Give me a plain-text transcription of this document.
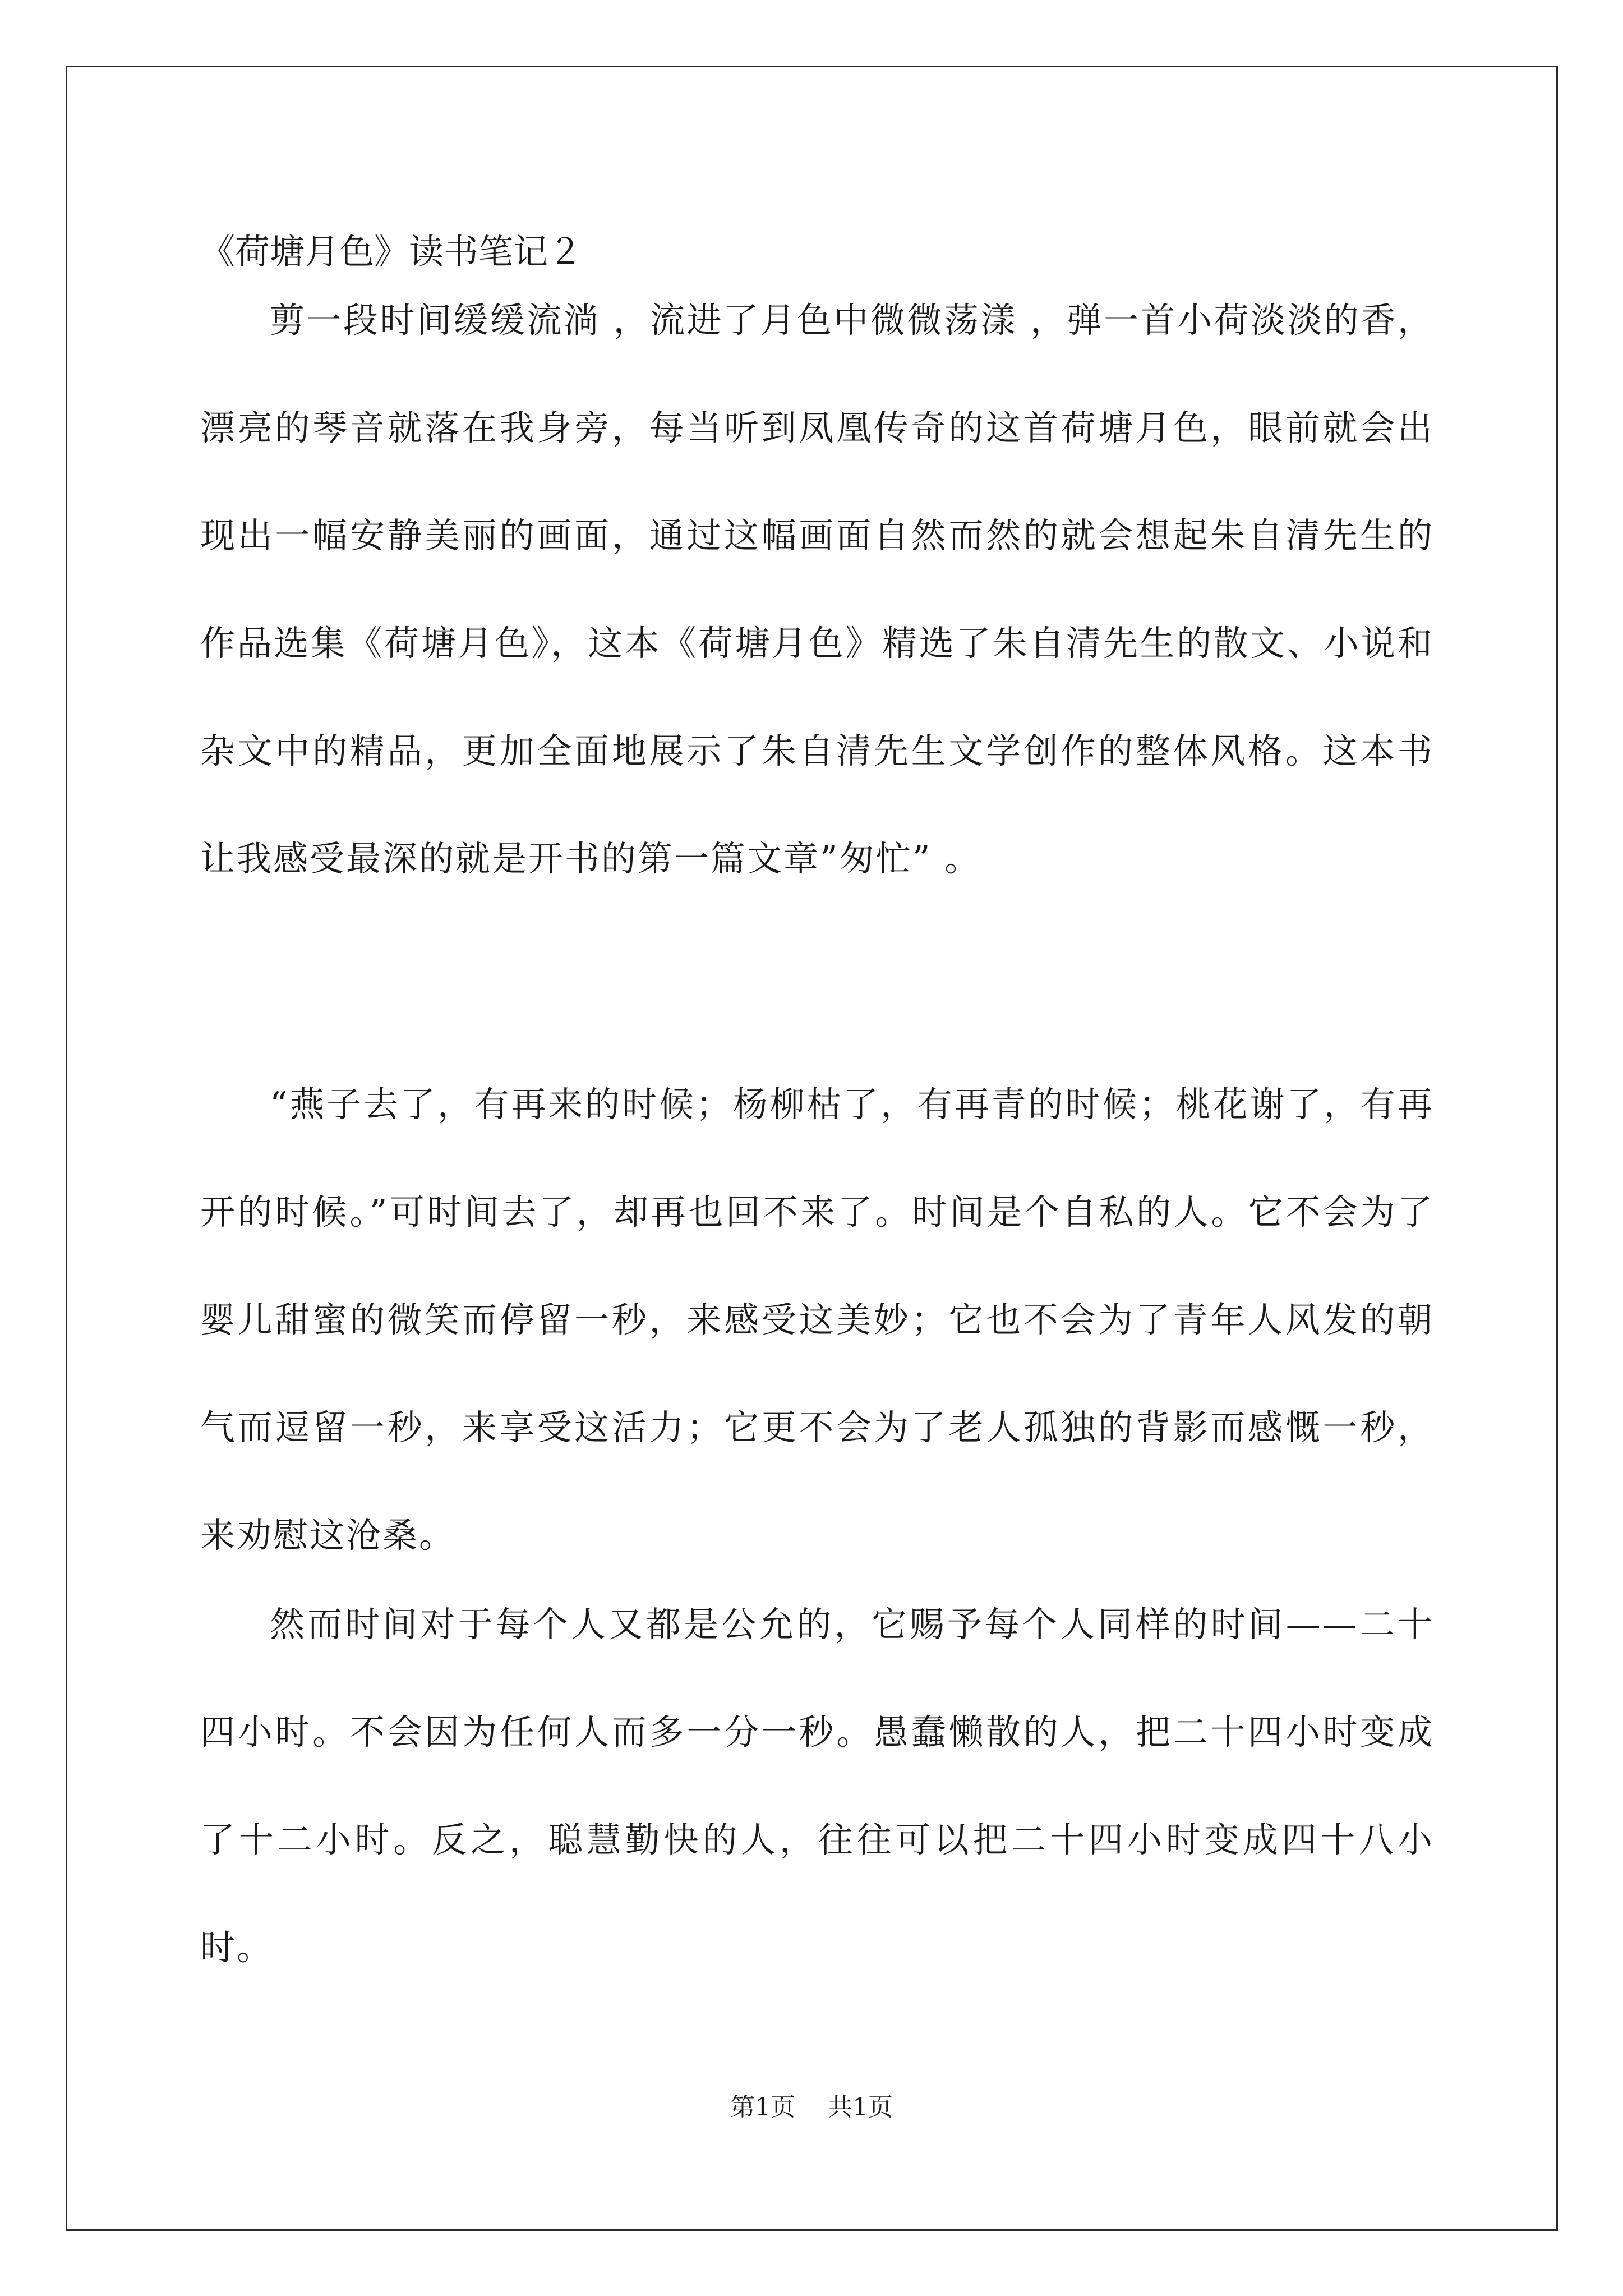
《荷塘月色》读书笔记２

剪一段时间缓缓流淌 ，流进了月色中微微荡漾 ，弹一首小荷淡淡的香，漂亮的琴音就落在我身旁，每当听到凤凰传奇的这首荷塘月色，眼前就会出现出一幅安静美丽的画面，通过这幅画面自然而然的就会想起朱自清先生的作品选集《荷塘月色》，这本《荷塘月色》精选了朱自清先生的散文、小说和杂文中的精品，更加全面地展示了朱自清先生文学创作的整体风格。这本书让我感受最深的就是开书的第一篇文章”匆忙” 。

“燕子去了，有再来的时候；杨柳枯了，有再青的时候；桃花谢了，有再开的时候。”可时间去了，却再也回不来了。时间是个自私的人。它不会为了婴儿甜蜜的微笑而停留一秒，来感受这美妙；它也不会为了青年人风发的朝气而逗留一秒，来享受这活力；它更不会为了老人孤独的背影而感慨一秒，来劝慰这沧桑。

然而时间对于每个人又都是公允的，它赐予每个人同样的时间——二十四小时。不会因为任何人而多一分一秒。愚蠢懒散的人，把二十四小时变成了十二小时。反之，聪慧勤快的人，往往可以把二十四小时变成四十八小时。

第1页 共1页
